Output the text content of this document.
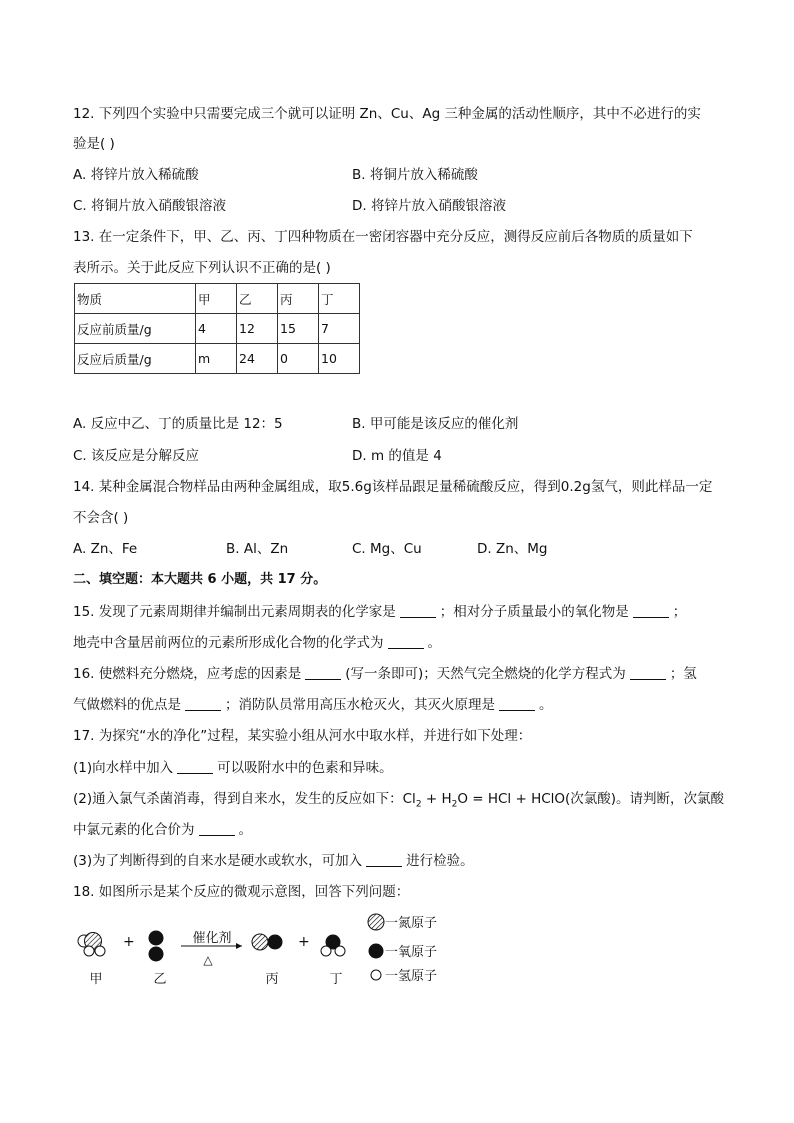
12. 下列四个实验中只需要完成三个就可以证明 Zn、Cu、Ag 三种金属的活动性顺序，其中不必进行的实
验是( )
A. 将锌片放入稀硫酸	B. 将铜片放入稀硫酸
C. 将铜片放入硝酸银溶液	D. 将锌片放入硝酸银溶液
13. 在一定条件下，甲、乙、丙、丁四种物质在一密闭容器中充分反应，测得反应前后各物质的质量如下
表所示。关于此反应下列认识不正确的是( )
物质	甲	乙	丙	丁
反应前质量/g	4	12	15	7
反应后质量/g	m	24	0	10
A. 反应中乙、丁的质量比是 12：5	B. 甲可能是该反应的催化剂
C. 该反应是分解反应	D. m 的值是 4
14. 某种金属混合物样品由两种金属组成，取5.6g该样品跟足量稀硫酸反应，得到0.2g氢气，则此样品一定
不会含( )
A. Zn、Fe	B. Al、Zn	C. Mg、Cu	D. Zn、Mg
二、填空题：本大题共 6 小题，共 17 分。
15. 发现了元素周期律并编制出元素周期表的化学家是	；相对分子质量最小的氧化物是	；
地壳中含量居前两位的元素所形成化合物的化学式为	。
16. 使燃料充分燃烧，应考虑的因素是	(写一条即可)；天然气完全燃烧的化学方程式为	；氢
气做燃料的优点是	；消防队员常用高压水枪灭火，其灭火原理是	。
17. 为探究“水的净化”过程，某实验小组从河水中取水样，并进行如下处理：
(1)向水样中加入	可以吸附水中的色素和异味。
(2)通入氯气杀菌消毒，得到自来水，发生的反应如下：$Cl_2 + H_2O$ = HCl + HClO(次氯酸)。请判断，次氯酸
中氯元素的化合价为	。
(3)为了判断得到的自来水是硬水或软水，可加入	进行检验。
18. 如图所示是某个反应的微观示意图，回答下列问题：
+	催化剂
△
+
甲	乙	丙	丁
一氮原子
一氧原子
一氢原子
